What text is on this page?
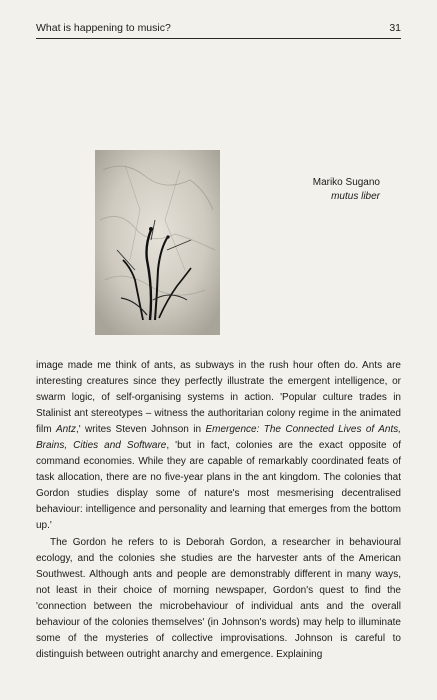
What is happening to music?	31
Mariko Sugano
mutus liber

image made me think of ants, as subways in the rush hour often do. Ants are interesting creatures since they perfectly illustrate the emergent intelligence, or swarm logic, of self-organising systems in action. 'Popular culture trades in Stalinist ant stereotypes – witness the authoritarian colony regime in the animated film Antz,' writes Steven Johnson in Emergence: The Connected Lives of Ants, Brains, Cities and Software, 'but in fact, colonies are the exact opposite of command economies. While they are capable of remarkably coordinated feats of task allocation, there are no five-year plans in the ant kingdom. The colonies that Gordon studies display some of nature's most mesmerising decentralised behaviour: intelligence and personality and learning that emerges from the bottom up.'

The Gordon he refers to is Deborah Gordon, a researcher in behavioural ecology, and the colonies she studies are the harvester ants of the American Southwest. Although ants and people are demonstrably different in many ways, not least in their choice of morning newspaper, Gordon's quest to find the 'connection between the microbehaviour of individual ants and the overall behaviour of the colonies themselves' (in Johnson's words) may help to illuminate some of the mysteries of collective improvisations. Johnson is careful to distinguish between outright anarchy and emergence. Explaining
